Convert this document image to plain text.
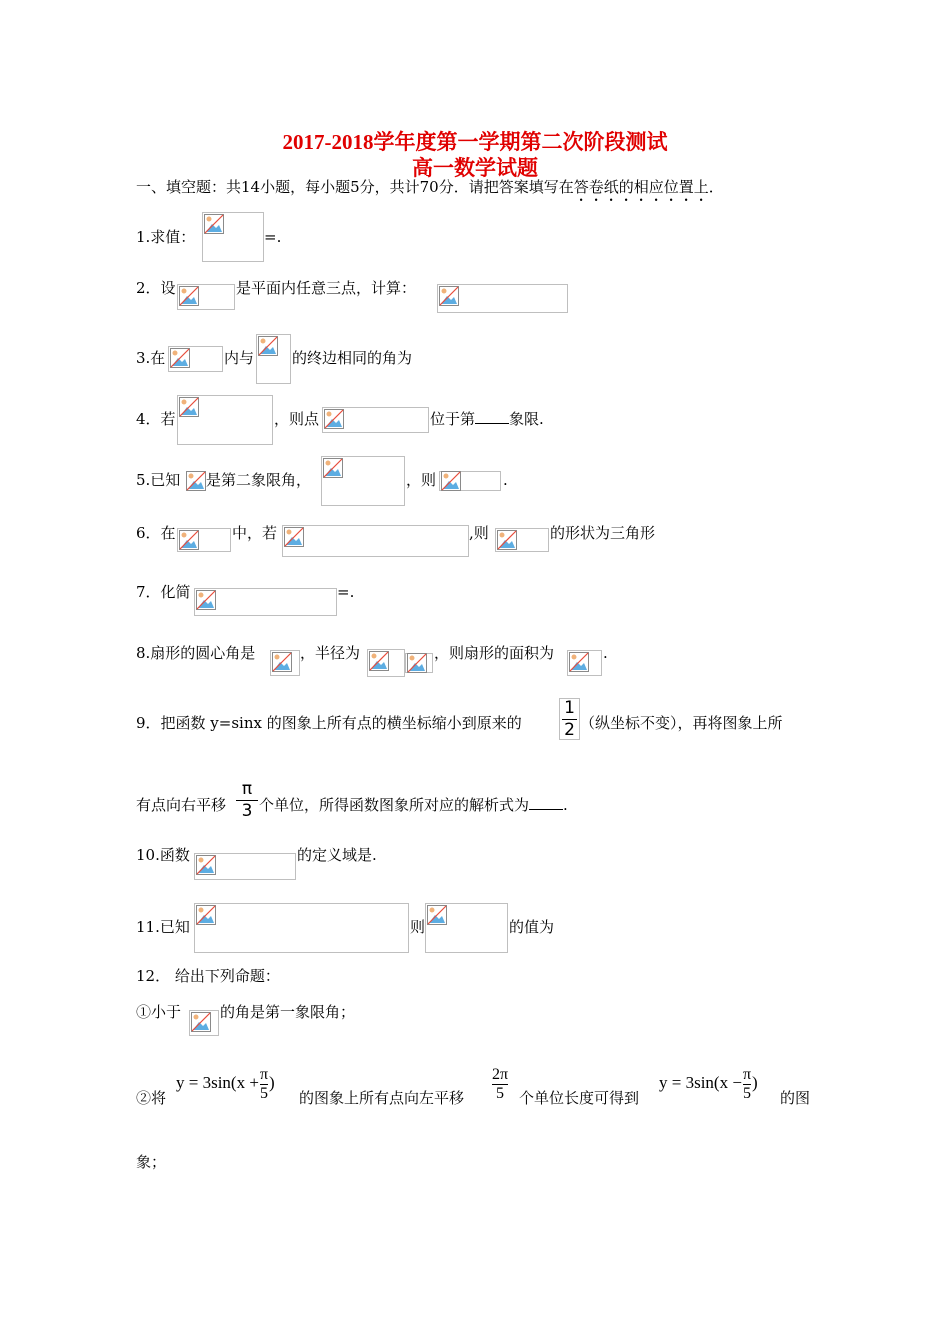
2017-2018学年度第一学期第二次阶段测试
高一数学试题
一、填空题：共14小题，每小题5分，共计70分．请把答案填写在答卷纸的相应位置上．
1.求值：	=.
2．设	是平面内任意三点，计算：
3.在	内与	的终边相同的角为
4．若	，则点	位于第 象限.
5.已知 是第二象限角，	，则	.
6．在	中，若	,则	的形状为三角形
7．化简	=.
8.扇形的圆心角是	，半径为	，则扇形的面积为	.
9．把函数 y=sinx 的图象上所有点的横坐标缩小到原来的
1
2 （纵坐标不变），再将图象上所
有点向右平移
π
3 个单位，所得函数图象所对应的解析式为 .
10.函数	的定义域是.
11.已知	则	的值为
12． 给出下列命题：
①小于	的角是第一象限角；
②将
$y = 3\sin(x + \frac{\pi}{5}$ )
的图象上所有点向左平移 $\frac{2\pi}{5}$ 个单位长度可得到
$y = 3\sin(x - \frac{\pi}{5}$ )
的图
象；
